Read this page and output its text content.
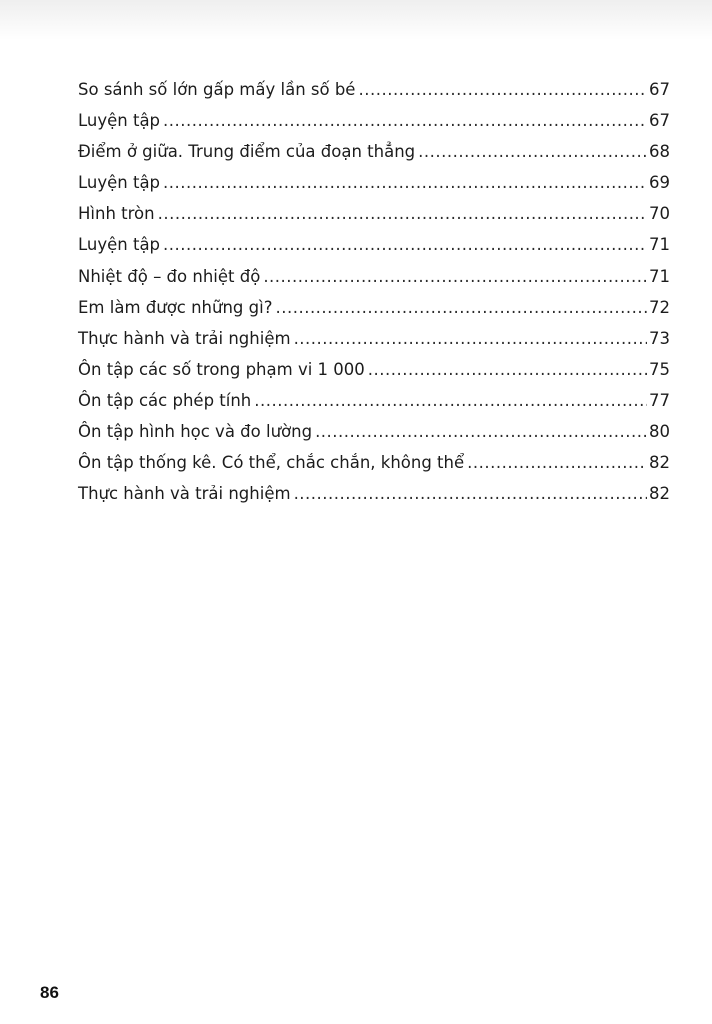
So sánh số lớn gấp mấy lần số bé .....	67
Luyện tập .....	67
Điểm ở giữa. Trung điểm của đoạn thẳng .....	68
Luyện tập .....	69
Hình tròn .....	70
Luyện tập .....	71
Nhiệt độ – đo nhiệt độ .....	71
Em làm được những gì? .....	72
Thực hành và trải nghiệm .....	73
Ôn tập các số trong phạm vi 1 000 .....	75
Ôn tập các phép tính .....	77
Ôn tập hình học và đo lường .....	80
Ôn tập thống kê. Có thể, chắc chắn, không thể .....	82
Thực hành và trải nghiệm .....	82
86
